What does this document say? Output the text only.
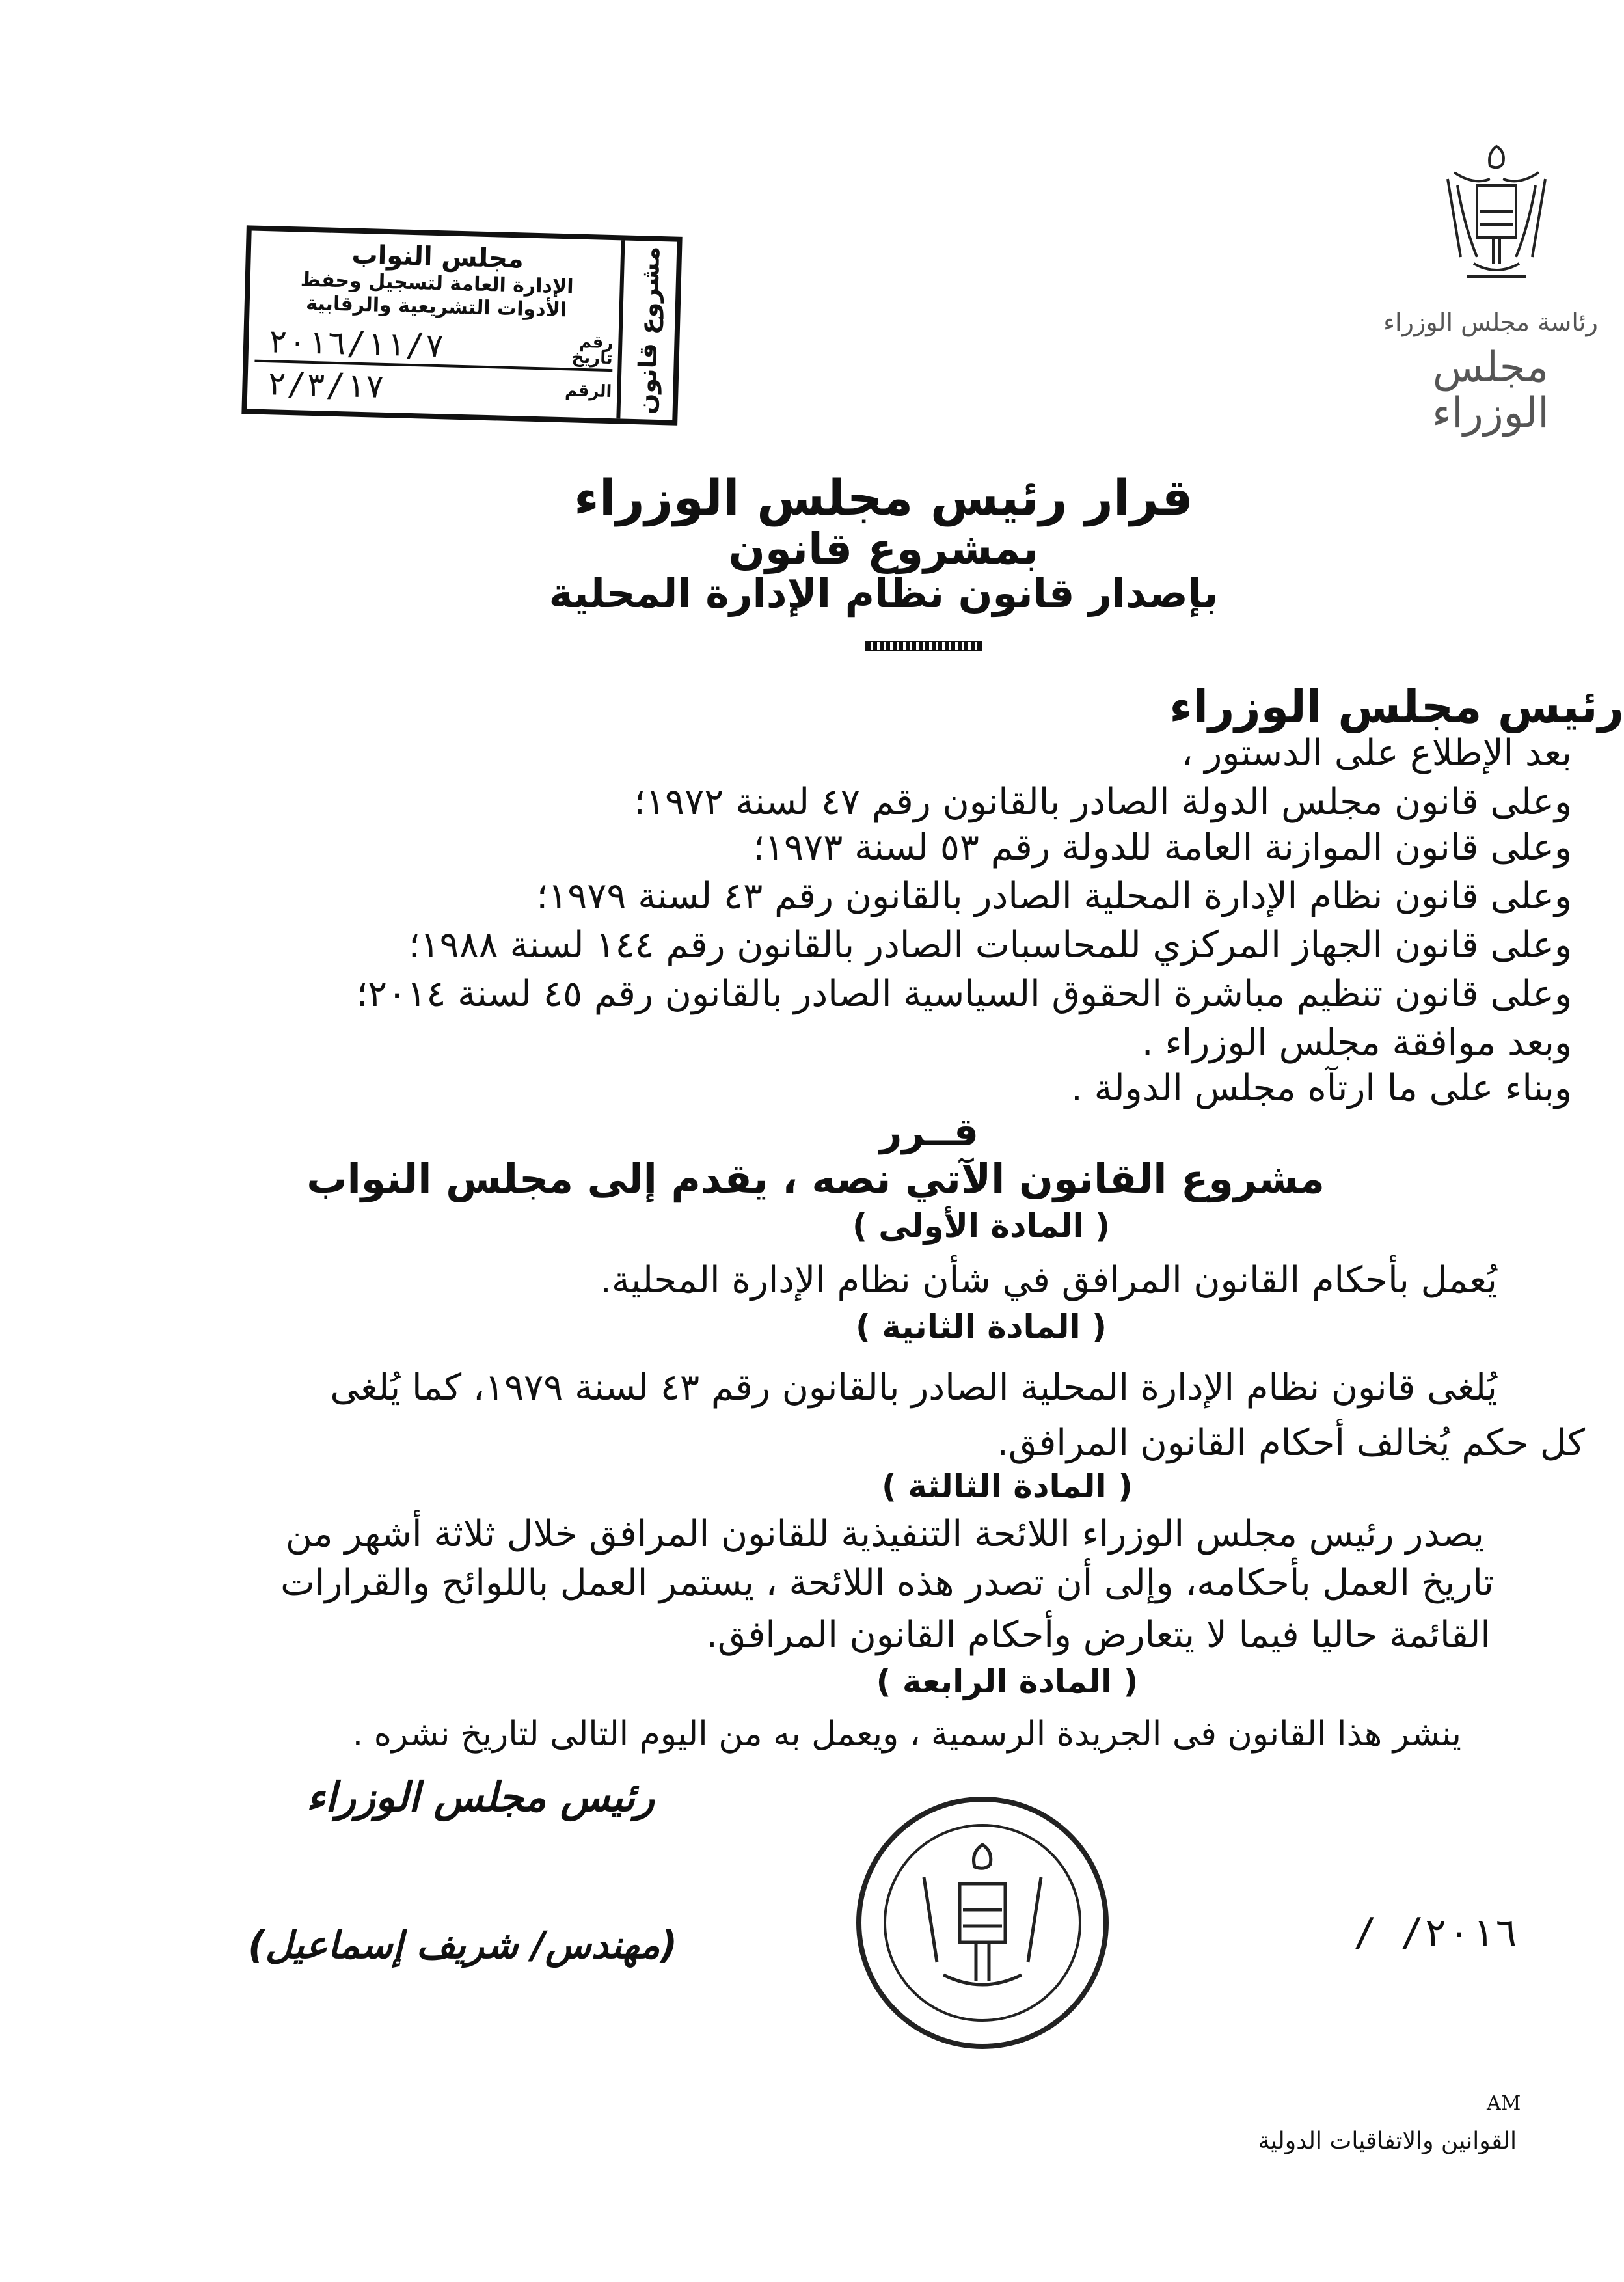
رئاسة مجلس الوزراء
مجلس الوزراء
مشروع قانون
مجلس النواب
الإدارة العامة لتسجيل وحفظ
الأدوات التشريعية والرقابية
رقم
تاريخ
٢٠١٦/١١/٧
الرقم
٢/٣/١٧
قرار رئيس مجلس الوزراء
بمشروع قانون
بإصدار قانون نظام الإدارة المحلية
رئيس مجلس الوزراء
بعد الإطلاع على الدستور ،
وعلى قانون مجلس الدولة الصادر بالقانون رقم ٤٧ لسنة ١٩٧٢؛
وعلى قانون الموازنة العامة للدولة رقم ٥٣ لسنة ١٩٧٣؛
وعلى قانون نظام الإدارة المحلية الصادر بالقانون رقم ٤٣ لسنة ١٩٧٩؛
وعلى قانون الجهاز المركزي للمحاسبات الصادر بالقانون رقم ١٤٤ لسنة ١٩٨٨؛
وعلى قانون تنظيم مباشرة الحقوق السياسية الصادر بالقانون رقم ٤٥ لسنة ٢٠١٤؛
وبعد موافقة مجلس الوزراء .
وبناء على ما ارتآه مجلس الدولة .
قــرر
مشروع القانون الآتي نصه ، يقدم إلى مجلس النواب
( المادة الأولى )
يُعمل بأحكام القانون المرافق في شأن نظام الإدارة المحلية.
( المادة الثانية )
يُلغى قانون نظام الإدارة المحلية الصادر بالقانون رقم ٤٣ لسنة ١٩٧٩، كما يُلغى
كل حكم يُخالف أحكام القانون المرافق.
( المادة الثالثة )
يصدر رئيس مجلس الوزراء اللائحة التنفيذية للقانون المرافق خلال ثلاثة أشهر من
تاريخ العمل بأحكامه، وإلى أن تصدر هذه اللائحة ، يستمر العمل باللوائح والقرارات
القائمة حاليا فيما لا يتعارض وأحكام القانون المرافق.
( المادة الرابعة )
ينشر هذا القانون فى الجريدة الرسمية ، ويعمل به من اليوم التالى لتاريخ نشره .
رئيس مجلس الوزراء
/ /٢٠١٦
(مهندس/ شريف إسماعيل)
AM
القوانين والاتفاقيات الدولية
